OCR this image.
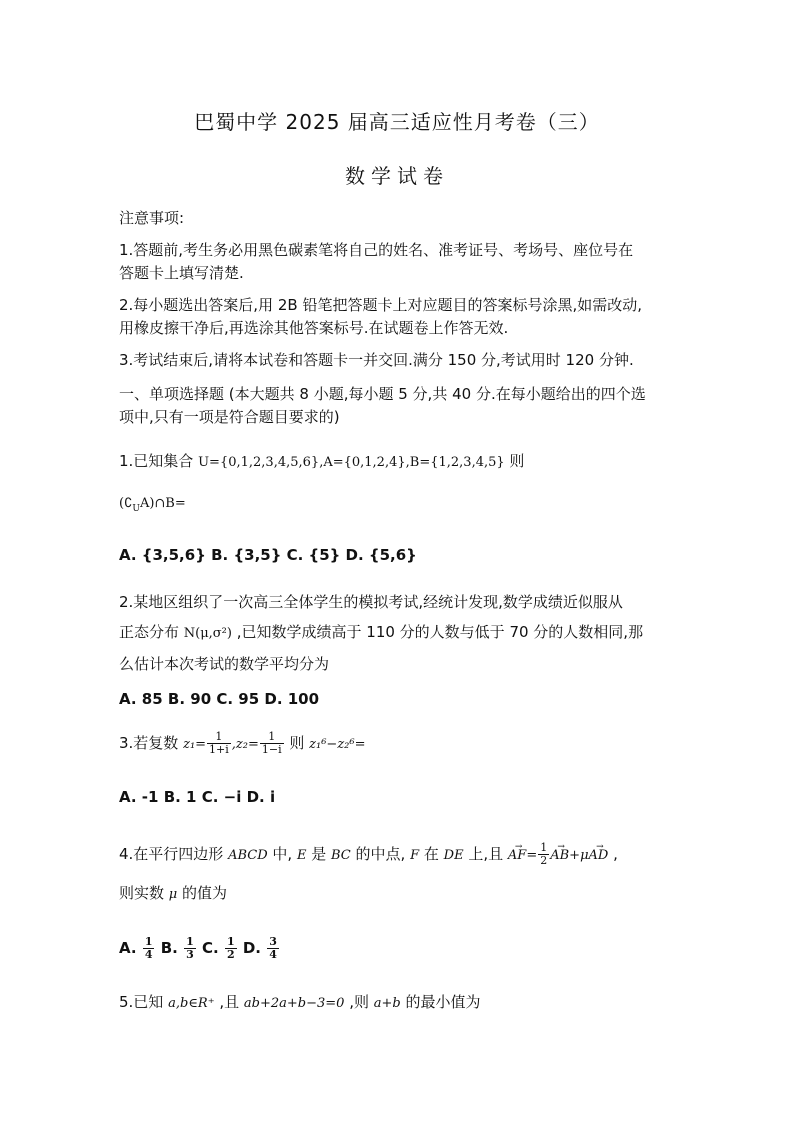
巴蜀中学 2025 届高三适应性月考卷（三）
数学试卷
注意事项:
1.答题前,考生务必用黑色碳素笔将自己的姓名、准考证号、考场号、座位号在
答题卡上填写清楚.
2.每小题选出答案后,用 2B 铅笔把答题卡上对应题目的答案标号涂黑,如需改动,
用橡皮擦干净后,再选涂其他答案标号.在试题卷上作答无效.
3.考试结束后,请将本试卷和答题卡一并交回.满分 150 分,考试用时 120 分钟.
一、单项选择题 (本大题共 8 小题,每小题 5 分,共 40 分.在每小题给出的四个选
项中,只有一项是符合题目要求的)
1.已知集合 U={0,1,2,3,4,5,6},A={0,1,2,4},B={1,2,3,4,5} 则
$(∁_UA)\cap B=$
A. {3,5,6} B. {3,5} C. {5} D. {5,6}
2.某地区组织了一次高三全体学生的模拟考试,经统计发现,数学成绩近似服从
正态分布 N(μ,σ²) ,已知数学成绩高于 110 分的人数与低于 70 分的人数相同,那
么估计本次考试的数学平均分为
A. 85 B. 90 C. 95 D. 100
3.若复数 $z_1= \frac{1}{1+i} ,z_2= \frac{1}{1-i}$ 则 z₁⁶−z₂⁶=
A. -1 B. 1 C. −i D. i
4.在平行四边形 ABCD 中, E 是 BC 的中点, F 在 DE 上,且 AF →= $\frac{1}{2}$ AB →+μAD → ,
则实数 μ 的值为
A. $\frac{1}{4} B$. $\frac{1}{3} C$. $\frac{1}{2} D$. $\frac{3}{4}$
5.已知 a,b∈R⁺ ,且 ab+2a+b−3=0 ,则 a+b 的最小值为
